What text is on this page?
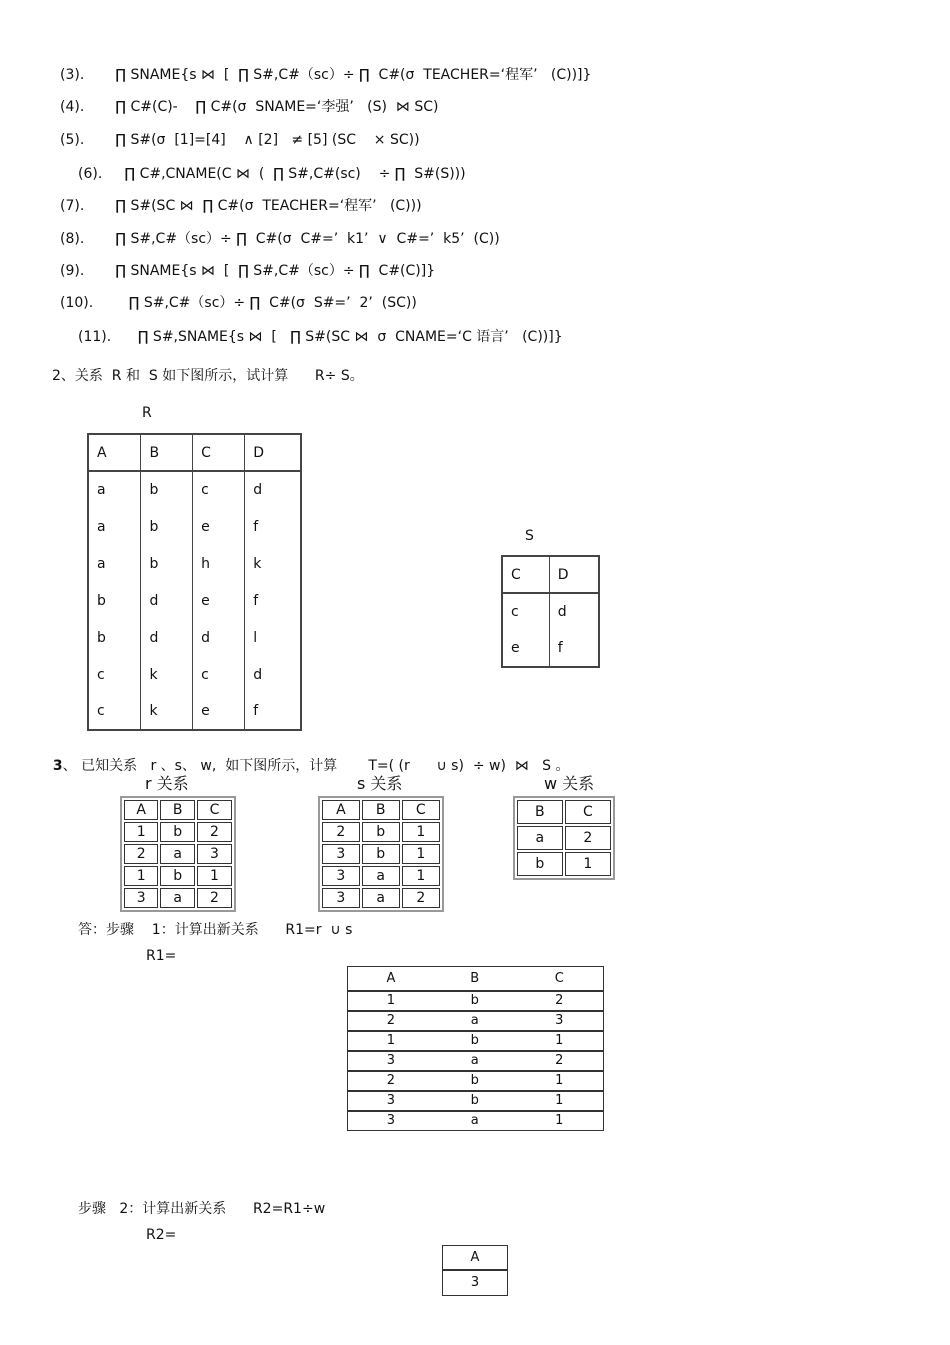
(3).       ∏ SNAME{s ⋈  [  ∏ S#,C#（sc）÷ ∏  C#(σ  TEACHER=‘程军’   (C))]}
(4).       ∏ C#(C)-    ∏ C#(σ  SNAME=‘李强’   (S)  ⋈ SC)
(5).       ∏ S#(σ  [1]=[4]    ∧ [2]   ≠ [5] (SC    × SC))
(6).     ∏ C#,CNAME(C ⋈  (  ∏ S#,C#(sc)    ÷ ∏  S#(S)))
(7).       ∏ S#(SC ⋈  ∏ C#(σ  TEACHER=‘程军’   (C)))
(8).       ∏ S#,C#（sc）÷ ∏  C#(σ  C#=’  k1’  ∨  C#=’  k5’  (C))
(9).       ∏ SNAME{s ⋈  [  ∏ S#,C#（sc）÷ ∏  C#(C)]}
(10).        ∏ S#,C#（sc）÷ ∏  C#(σ  S#=’  2’  (SC))
(11).      ∏ S#,SNAME{s ⋈  [   ∏ S#(SC ⋈  σ  CNAME=‘C 语言’   (C))]}
2、关系  R 和  S 如下图所示，试计算      R÷ S。
R
A	B	C	D
a	b	c	d
a	b	e	f
a	b	h	k
b	d	e	f
b	d	d	l
c	k	c	d
c	k	e	f
S
C	D
c	d
e	f

3、 已知关系   r 、s、 w,  如下图所示，计算       T=( (r      ∪ s)  ÷ w)  ⋈   S 。

r 关系	s 关系	w 关系
A	B	C
1	b	2
2	a	3
1	b	1
3	a	2
A	B	C
2	b	1
3	b	1
3	a	1
3	a	2
B	C
a	2
b	1
答：步骤    1：计算出新关系      R1=r  ∪ s
R1=
A	B	C
1	b	2
2	a	3
1	b	1
3	a	2
2	b	1
3	b	1
3	a	1
步骤   2：计算出新关系      R2=R1÷w
R2=
A
3
